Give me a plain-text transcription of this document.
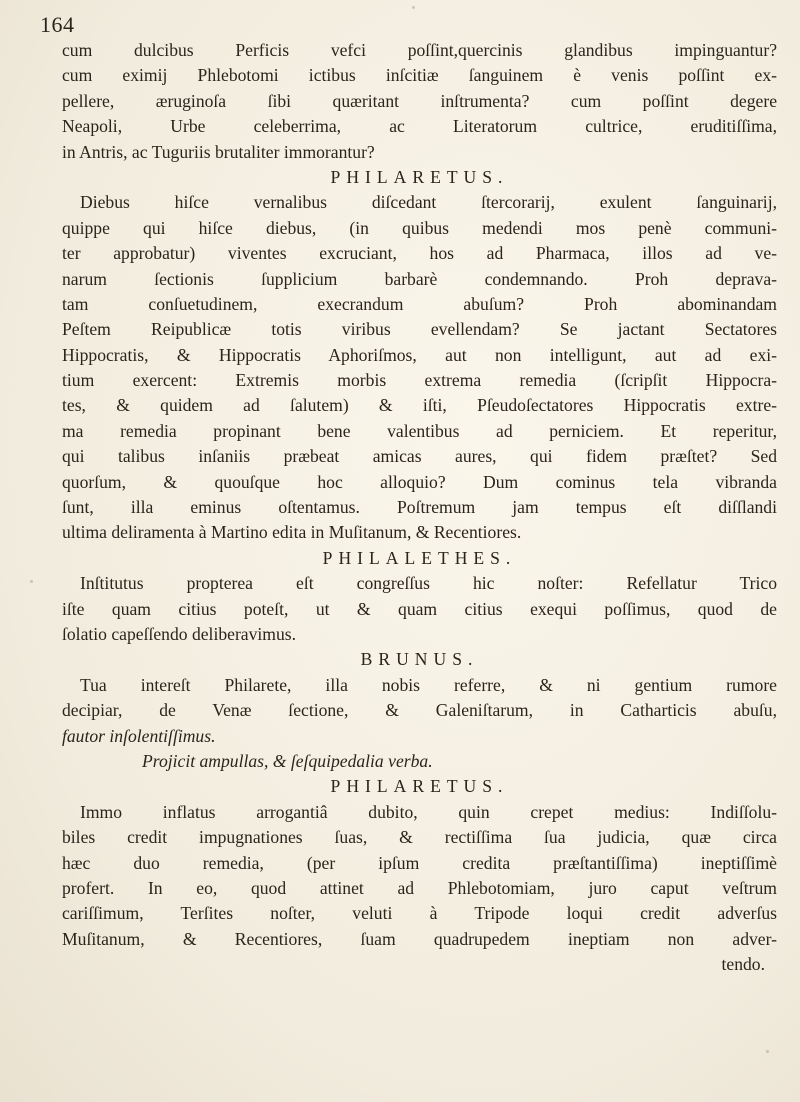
164
cum dulcibus Perficis vefci poſſint,quercinis glandibus impinguantur?
cum eximij Phlebotomi ictibus inſcitiæ ſanguinem è venis poſſint ex-
pellere, æruginoſa ſibi quæritant inſtrumenta? cum poſſint degere
Neapoli, Urbe celeberrima, ac Literatorum cultrice, eruditiſſima,
in Antris, ac Tuguriis brutaliter immorantur?
PHILARETUS.
Diebus hiſce vernalibus diſcedant ſtercorarij, exulent ſanguinarij,
quippe qui hiſce diebus, (in quibus medendi mos penè communi-
ter approbatur) viventes excruciant, hos ad Pharmaca, illos ad ve-
narum ſectionis ſupplicium barbarè condemnando. Proh deprava-
tam conſuetudinem, execrandum abuſum? Proh abominandam
Peſtem Reipublicæ totis viribus evellendam? Se jactant Sectatores
Hippocratis, & Hippocratis Aphoriſmos, aut non intelligunt, aut ad exi-
tium exercent: Extremis morbis extrema remedia (ſcripſit Hippocra-
tes, & quidem ad ſalutem) & iſti, Pſeudoſectatores Hippocratis extre-
ma remedia propinant bene valentibus ad perniciem. Et reperitur,
qui talibus inſaniis præbeat amicas aures, qui fidem præſtet? Sed
quorſum, & quouſque hoc alloquio? Dum cominus tela vibranda
ſunt, illa eminus oſtentamus. Poſtremum jam tempus eſt diſſlandi
ultima deliramenta à Martino edita in Muſitanum, & Recentiores.
PHILALETHES.
Inſtitutus propterea eſt congreſſus hic noſter: Refellatur Trico
iſte quam citius poteſt, ut & quam citius exequi poſſimus, quod de
ſolatio capeſſendo deliberavimus.
BRUNUS.
Tua intereſt Philarete, illa nobis referre, & ni gentium rumore
decipiar, de Venæ ſectione, & Galeniſtarum, in Catharticis abuſu,
fautor inſolentiſſimus.
Projicit ampullas, & ſeſquipedalia verba.
PHILARETUS.
Immo inflatus arrogantiâ dubito, quin crepet medius: Indiſſolu-
biles credit impugnationes ſuas, & rectiſſima ſua judicia, quæ circa
hæc duo remedia, (per ipſum credita præſtantiſſima) ineptiſſimè
profert. In eo, quod attinet ad Phlebotomiam, juro caput veſtrum
cariſſimum, Terſites noſter, veluti à Tripode loqui credit adverſus
Muſitanum, & Recentiores, ſuam quadrupedem ineptiam non adver-
tendo.
